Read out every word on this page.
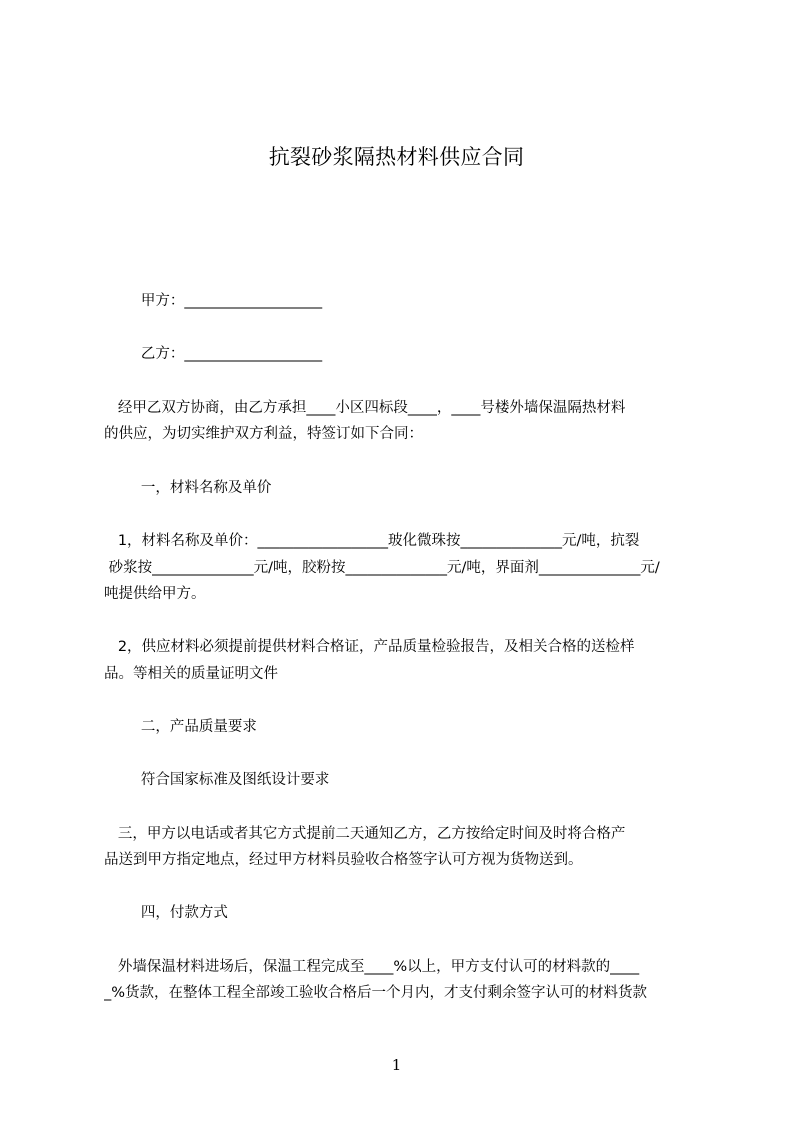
抗裂砂浆隔热材料供应合同
甲方：___________________
乙方：___________________
经甲乙双方协商，由乙方承担____小区四标段____，____号楼外墙保温隔热材料
的供应，为切实维护双方利益，特签订如下合同：
一，材料名称及单价
1，材料名称及单价：__________________玻化微珠按______________元/吨，抗裂
砂浆按______________元/吨，胶粉按______________元/吨，界面剂______________元/
吨提供给甲方。
2，供应材料必须提前提供材料合格证，产品质量检验报告，及相关合格的送检样
品。等相关的质量证明文件
二，产品质量要求
符合国家标准及图纸设计要求
三，甲方以电话或者其它方式提前二天通知乙方，乙方按给定时间及时将合格产
品送到甲方指定地点，经过甲方材料员验收合格签字认可方视为货物送到。
四，付款方式
外墙保温材料进场后，保温工程完成至____%以上，甲方支付认可的材料款的____
_%货款，在整体工程全部竣工验收合格后一个月内，才支付剩余签字认可的材料货款
1
